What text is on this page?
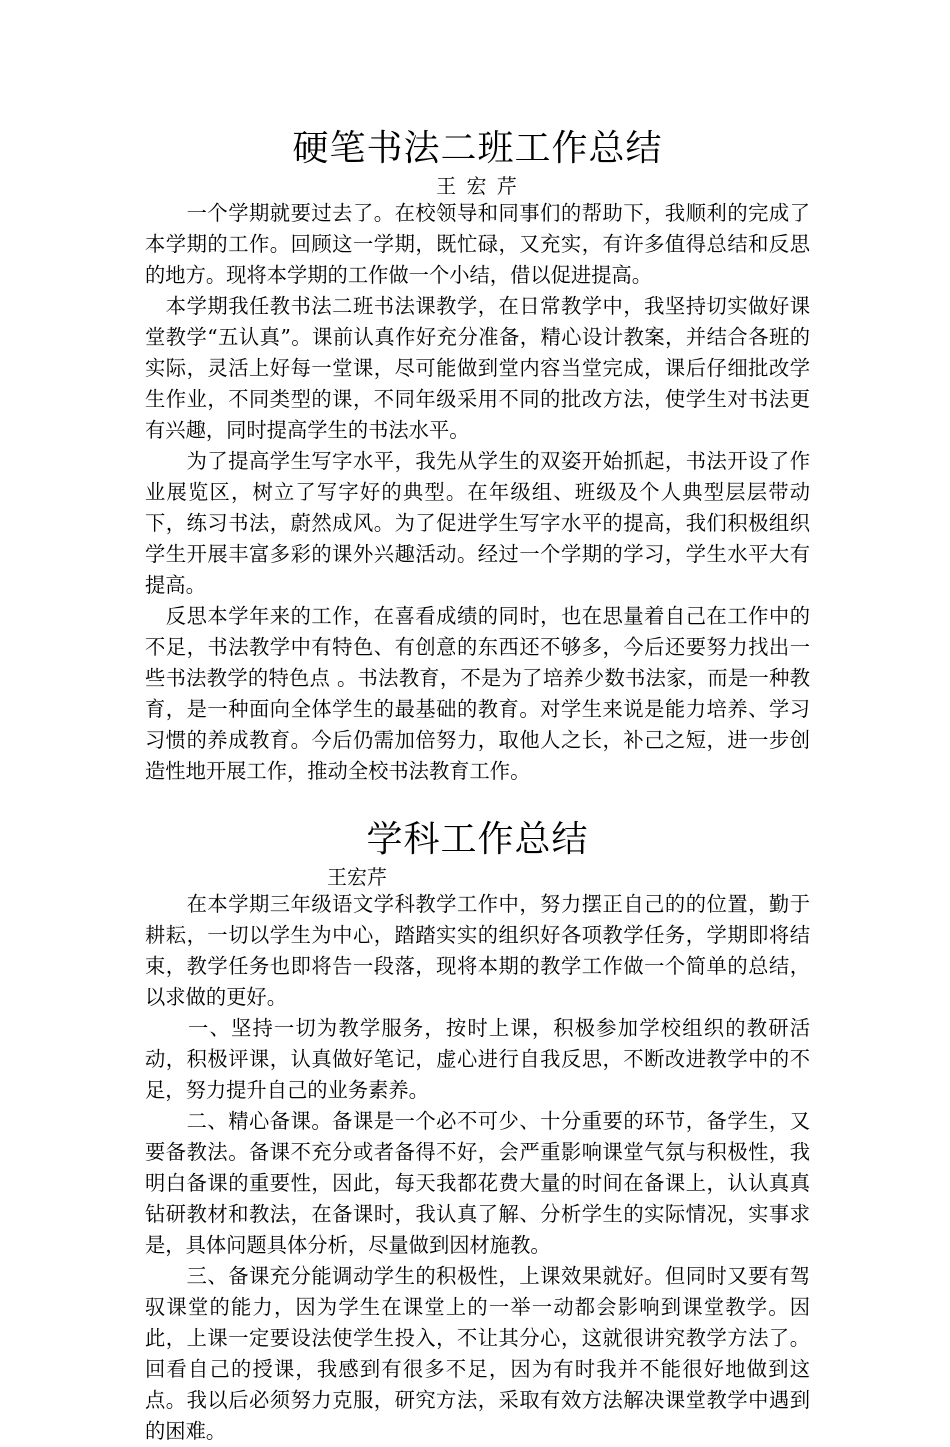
硬笔书法二班工作总结
王 宏 芹

　　一个学期就要过去了。在校领导和同事们的帮助下，我顺利的完成了本学期的工作。回顾这一学期，既忙碌，又充实，有许多值得总结和反思的地方。现将本学期的工作做一个小结，借以促进提高。

　本学期我任教书法二班书法课教学，在日常教学中，我坚持切实做好课堂教学“五认真”。课前认真作好充分准备，精心设计教案，并结合各班的实际，灵活上好每一堂课，尽可能做到堂内容当堂完成，课后仔细批改学生作业，不同类型的课，不同年级采用不同的批改方法，使学生对书法更有兴趣，同时提高学生的书法水平。

　　为了提高学生写字水平，我先从学生的双姿开始抓起，书法开设了作业展览区，树立了写字好的典型。在年级组、班级及个人典型层层带动下，练习书法，蔚然成风。为了促进学生写字水平的提高，我们积极组织学生开展丰富多彩的课外兴趣活动。经过一个学期的学习，学生水平大有提高。

　反思本学年来的工作，在喜看成绩的同时，也在思量着自己在工作中的不足，书法教学中有特色、有创意的东西还不够多，今后还要努力找出一些书法教学的特色点 。书法教育，不是为了培养少数书法家，而是一种教育，是一种面向全体学生的最基础的教育。对学生来说是能力培养、学习习惯的养成教育。今后仍需加倍努力，取他人之长，补己之短，进一步创造性地开展工作，推动全校书法教育工作。

学科工作总结
王宏芹

　　在本学期三年级语文学科教学工作中，努力摆正自己的的位置，勤于耕耘，一切以学生为中心，踏踏实实的组织好各项教学任务，学期即将结束，教学任务也即将告一段落，现将本期的教学工作做一个简单的总结，以求做的更好。

　　一、坚持一切为教学服务，按时上课，积极参加学校组织的教研活动，积极评课，认真做好笔记，虚心进行自我反思，不断改进教学中的不足，努力提升自己的业务素养。

　　二、精心备课。备课是一个必不可少、十分重要的环节，备学生，又要备教法。备课不充分或者备得不好，会严重影响课堂气氛与积极性，我明白备课的重要性，因此，每天我都花费大量的时间在备课上，认认真真钻研教材和教法，在备课时，我认真了解、分析学生的实际情况，实事求是，具体问题具体分析，尽量做到因材施教。

　　三、备课充分能调动学生的积极性，上课效果就好。但同时又要有驾驭课堂的能力，因为学生在课堂上的一举一动都会影响到课堂教学。因此，上课一定要设法使学生投入，不让其分心，这就很讲究教学方法了。回看自己的授课，我感到有很多不足，因为有时我并不能很好地做到这点。我以后必须努力克服，研究方法，采取有效方法解决课堂教学中遇到的困难。
